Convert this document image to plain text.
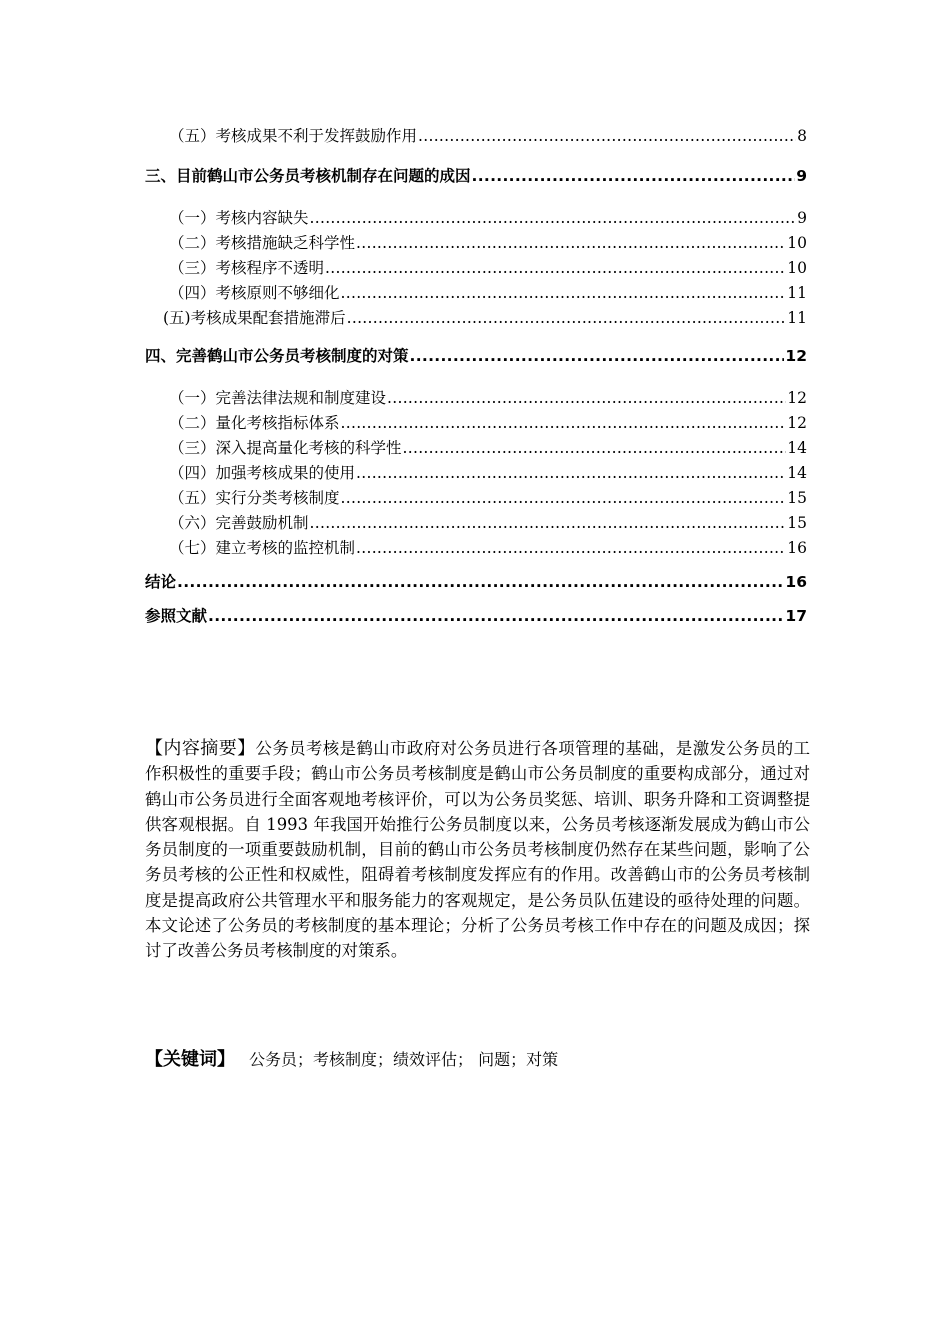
（五）考核成果不利于发挥鼓励作用 .....	8
三、目前鹤山市公务员考核机制存在问题的成因 .....	9
（一）考核内容缺失 .....	9
（二）考核措施缺乏科学性 .....	10
（三）考核程序不透明 .....	10
（四）考核原则不够细化 .....	11
(五)考核成果配套措施滞后 .....	11
四、完善鹤山市公务员考核制度的对策 .....	12
（一）完善法律法规和制度建设 .....	12
（二）量化考核指标体系 .....	12
（三）深入提高量化考核的科学性 .....	14
（四）加强考核成果的使用 .....	14
（五）实行分类考核制度 .....	15
（六）完善鼓励机制 .....	15
（七）建立考核的监控机制 .....	16
结论 .....	16
参照文献 .....	17
【内容摘要】公务员考核是鹤山市政府对公务员进行各项管理的基础，是激发公务员的工作积极性的重要手段；鹤山市公务员考核制度是鹤山市公务员制度的重要构成部分，通过对鹤山市公务员进行全面客观地考核评价，可以为公务员奖惩、培训、职务升降和工资调整提供客观根据。自 1993 年我国开始推行公务员制度以来，公务员考核逐渐发展成为鹤山市公务员制度的一项重要鼓励机制，目前的鹤山市公务员考核制度仍然存在某些问题，影响了公务员考核的公正性和权威性，阻碍着考核制度发挥应有的作用。改善鹤山市的公务员考核制度是提高政府公共管理水平和服务能力的客观规定，是公务员队伍建设的亟待处理的问题。本文论述了公务员的考核制度的基本理论；分析了公务员考核工作中存在的问题及成因；探讨了改善公务员考核制度的对策系。
【关键词】 公务员；考核制度；绩效评估； 问题；对策
